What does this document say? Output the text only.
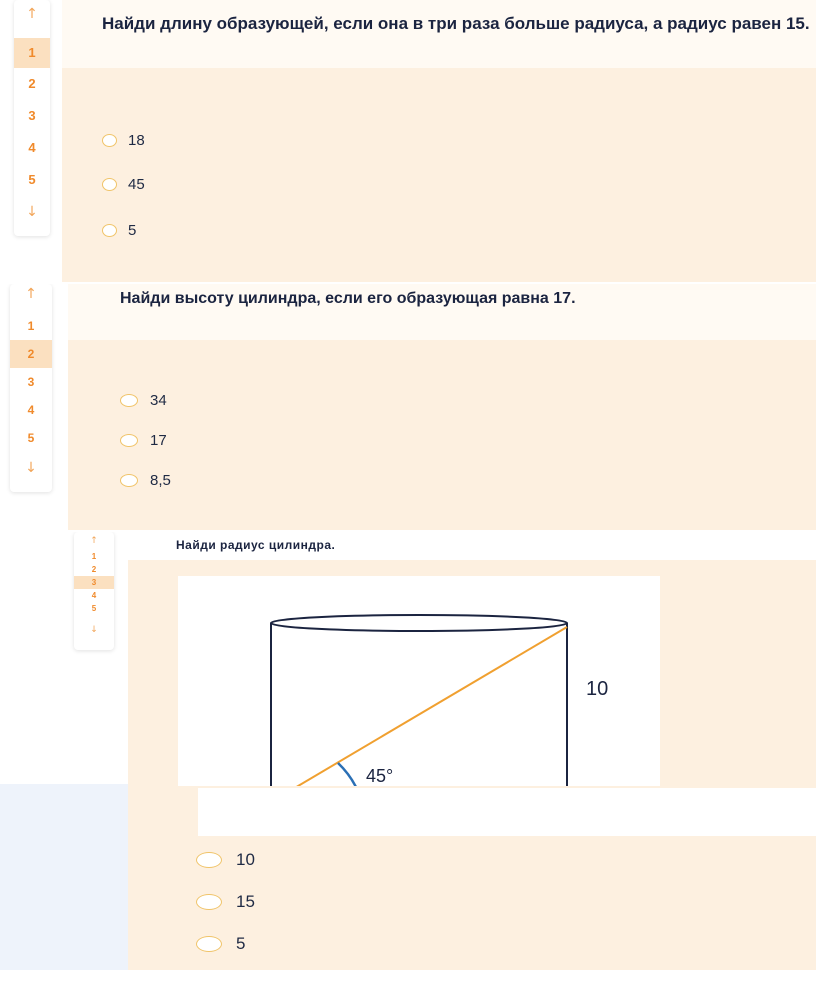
Найди длину образующей, если она в три раза больше радиуса, а радиус равен 15.
↑
1
2
3
4
5
↓
18
45
5
Найди высоту цилиндра, если его образующая равна 17.
↑
1
2
3
4
5
↓
34
17
8,5
Найди радиус цилиндра.
↑
1
2
3
4
5
↓
45°
10
10
15
5
